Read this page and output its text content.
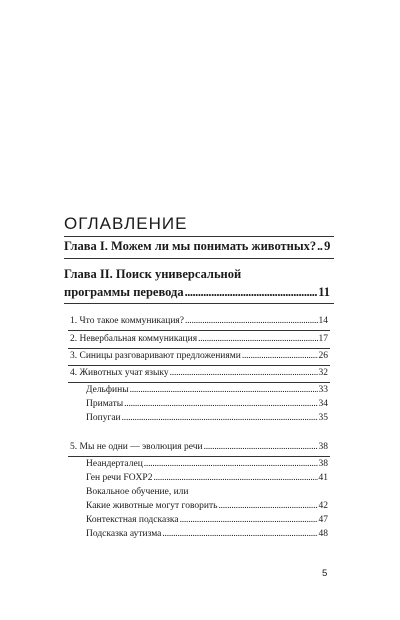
ОГЛАВЛЕНИЕ
Глава I. Можем ли мы понимать животных? . . . 9
Глава II. Поиск универсальной
программы перевода . . .	11
1. Что такое коммуникация? . . .	14
2. Невербальная коммуникация . . .	17
3. Синицы разговаривают предложениями . . .	26
4. Животных учат языку . . .	32
Дельфины . . .	33
Приматы . . .	34
Попугаи . . .	35
5. Мы не одни — эволюция речи . . .	38
Неандерталец . . .	38
Ген речи FOXP2 . . .	41
Вокальное обучение, или
Какие животные могут говорить . . .	42
Контекстная подсказка . . .	47
Подсказка аутизма . . .	48
5
